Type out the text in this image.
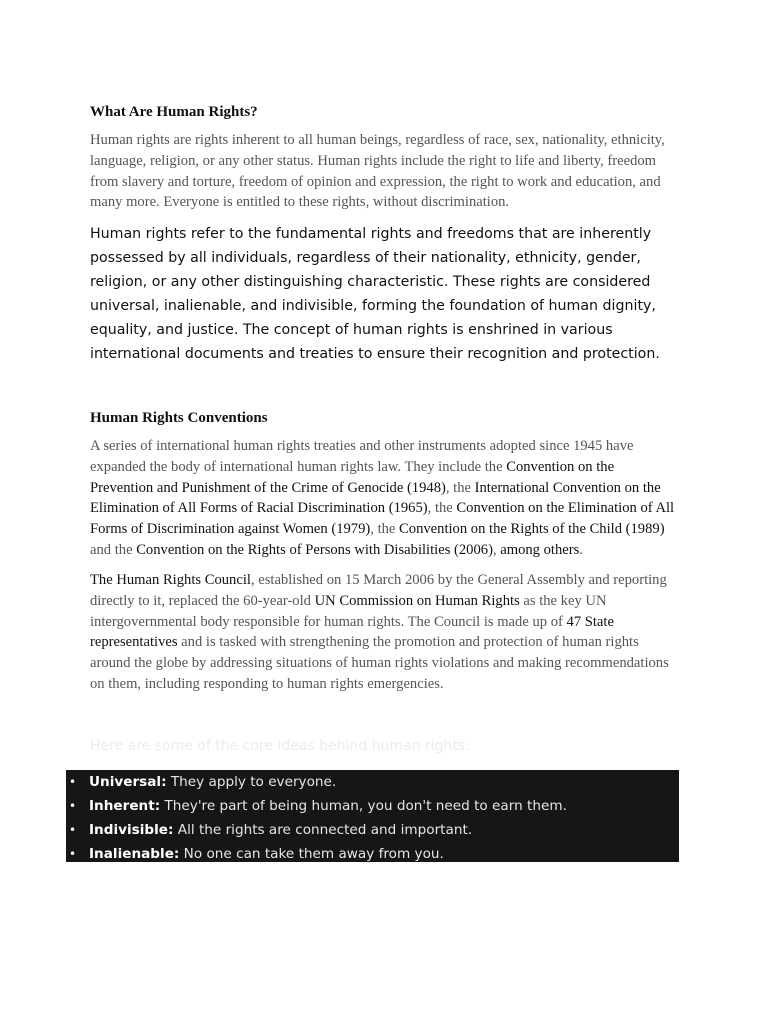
What Are Human Rights?

Human rights are rights inherent to all human beings, regardless of race, sex, nationality, ethnicity, language, religion, or any other status. Human rights include the right to life and liberty, freedom from slavery and torture, freedom of opinion and expression, the right to work and education, and many more. Everyone is entitled to these rights, without discrimination.

Human rights refer to the fundamental rights and freedoms that are inherently possessed by all individuals, regardless of their nationality, ethnicity, gender, religion, or any other distinguishing characteristic. These rights are considered universal, inalienable, and indivisible, forming the foundation of human dignity, equality, and justice. The concept of human rights is enshrined in various international documents and treaties to ensure their recognition and protection.

Human Rights Conventions

A series of international human rights treaties and other instruments adopted since 1945 have expanded the body of international human rights law. They include the Convention on the Prevention and Punishment of the Crime of Genocide (1948), the International Convention on the Elimination of All Forms of Racial Discrimination (1965), the Convention on the Elimination of All Forms of Discrimination against Women (1979), the Convention on the Rights of the Child (1989) and the Convention on the Rights of Persons with Disabilities (2006), among others.

The Human Rights Council, established on 15 March 2006 by the General Assembly and reporting directly to it, replaced the 60-year-old UN Commission on Human Rights as the key UN intergovernmental body responsible for human rights. The Council is made up of 47 State representatives and is tasked with strengthening the promotion and protection of human rights around the globe by addressing situations of human rights violations and making recommendations on them, including responding to human rights emergencies.

Here are some of the core ideas behind human rights:

• Universal: They apply to everyone.
• Inherent: They're part of being human, you don't need to earn them.
• Indivisible: All the rights are connected and important.
• Inalienable: No one can take them away from you.
